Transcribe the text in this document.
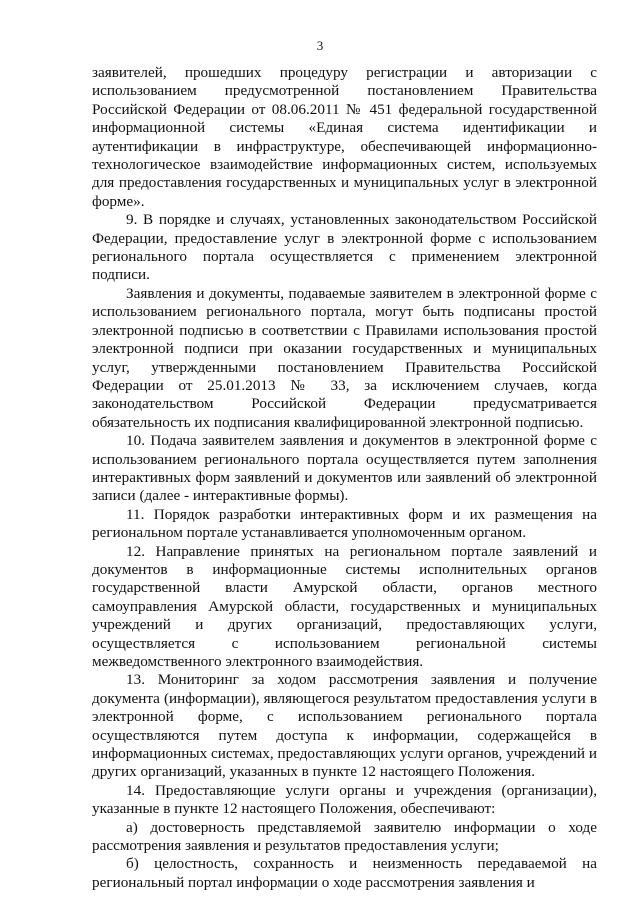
3

заявителей, прошедших процедуру регистрации и авторизации с использованием предусмотренной постановлением Правительства Российской Федерации от 08.06.2011 № 451 федеральной государственной информационной системы «Единая система идентификации и аутентификации в инфраструктуре, обеспечивающей информационно-технологическое взаимодействие информационных систем, используемых для предоставления государственных и муниципальных услуг в электронной форме».

9. В порядке и случаях, установленных законодательством Российской Федерации, предоставление услуг в электронной форме с использованием регионального портала осуществляется с применением электронной подписи.

Заявления и документы, подаваемые заявителем в электронной форме с использованием регионального портала, могут быть подписаны простой электронной подписью в соответствии с Правилами использования простой электронной подписи при оказании государственных и муниципальных услуг, утвержденными постановлением Правительства Российской Федерации от 25.01.2013 № 33, за исключением случаев, когда законодательством Российской Федерации предусматривается обязательность их подписания квалифицированной электронной подписью.

10. Подача заявителем заявления и документов в электронной форме с использованием регионального портала осуществляется путем заполнения интерактивных форм заявлений и документов или заявлений об электронной записи (далее - интерактивные формы).

11. Порядок разработки интерактивных форм и их размещения на региональном портале устанавливается уполномоченным органом.

12. Направление принятых на региональном портале заявлений и документов в информационные системы исполнительных органов государственной власти Амурской области, органов местного самоуправления Амурской области, государственных и муниципальных учреждений и других организаций, предоставляющих услуги, осуществляется с использованием региональной системы межведомственного электронного взаимодействия.

13. Мониторинг за ходом рассмотрения заявления и получение документа (информации), являющегося результатом предоставления услуги в электронной форме, с использованием регионального портала осуществляются путем доступа к информации, содержащейся в информационных системах, предоставляющих услуги органов, учреждений и других организаций, указанных в пункте 12 настоящего Положения.

14. Предоставляющие услуги органы и учреждения (организации), указанные в пункте 12 настоящего Положения, обеспечивают:

а) достоверность представляемой заявителю информации о ходе рассмотрения заявления и результатов предоставления услуги;

б) целостность, сохранность и неизменность передаваемой на региональный портал информации о ходе рассмотрения заявления и
